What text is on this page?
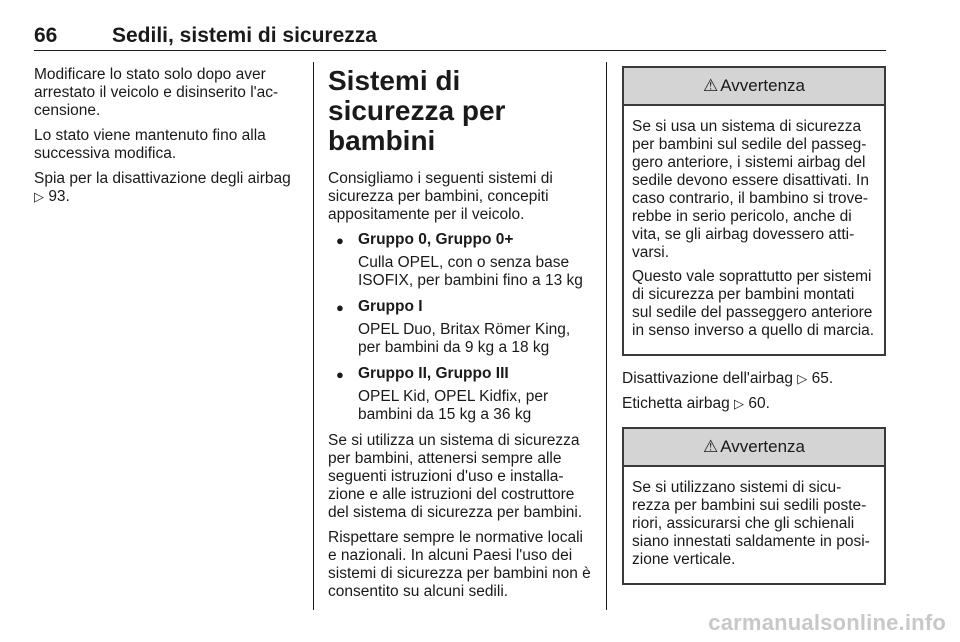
66	Sedili, sistemi di sicurezza

Modificare lo stato solo dopo aver arrestato il veicolo e disinserito l'ac-censione.

Lo stato viene mantenuto fino alla successiva modifica.

Spia per la disattivazione degli airbag ▷ 93.

Sistemi di sicurezza per bambini

Consigliamo i seguenti sistemi di sicurezza per bambini, concepiti appositamente per il veicolo.

● Gruppo 0, Gruppo 0+
Culla OPEL, con o senza base ISOFIX, per bambini fino a 13 kg
● Gruppo I
OPEL Duo, Britax Römer King, per bambini da 9 kg a 18 kg
● Gruppo II, Gruppo III
OPEL Kid, OPEL Kidfix, per bambini da 15 kg a 36 kg

Se si utilizza un sistema di sicurezza per bambini, attenersi sempre alle seguenti istruzioni d'uso e installa-zione e alle istruzioni del costruttore del sistema di sicurezza per bambini.

Rispettare sempre le normative locali e nazionali. In alcuni Paesi l'uso dei sistemi di sicurezza per bambini non è consentito su alcuni sedili.

⚠ Avvertenza

Se si usa un sistema di sicurezza per bambini sul sedile del passeg-gero anteriore, i sistemi airbag del sedile devono essere disattivati. In caso contrario, il bambino si trove-rebbe in serio pericolo, anche di vita, se gli airbag dovessero atti-varsi.

Questo vale soprattutto per sistemi di sicurezza per bambini montati sul sedile del passeggero anteriore in senso inverso a quello di marcia.

Disattivazione dell'airbag ▷ 65.

Etichetta airbag ▷ 60.

⚠ Avvertenza

Se si utilizzano sistemi di sicu-rezza per bambini sui sedili poste-riori, assicurarsi che gli schienali siano innestati saldamente in posi-zione verticale.

carmanualsonline.info
